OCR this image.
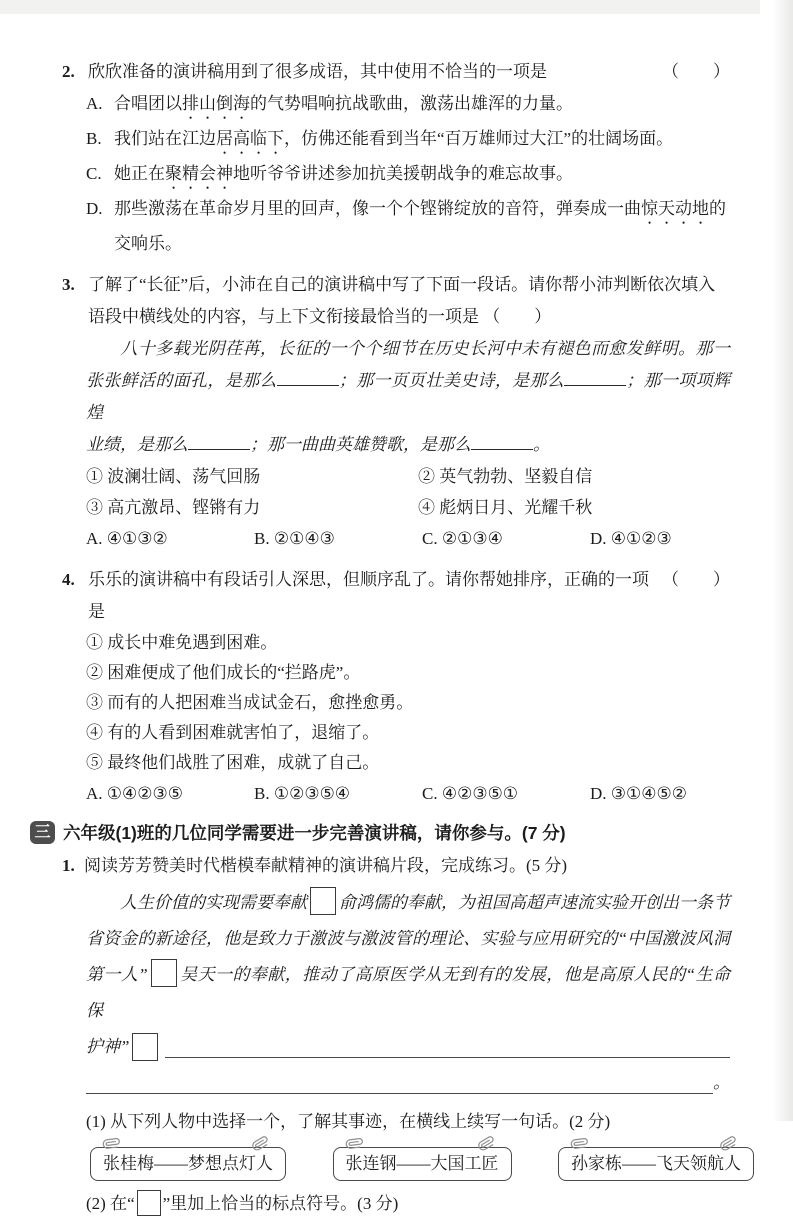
2. 欣欣准备的演讲稿用到了很多成语，其中使用不恰当的一项是	（　　）
A. 合唱团以排山倒海的气势唱响抗战歌曲，激荡出雄浑的力量。
B. 我们站在江边居高临下，仿佛还能看到当年“百万雄师过大江”的壮阔场面。
C. 她正在聚精会神地听爷爷讲述参加抗美援朝战争的难忘故事。
D. 那些激荡在革命岁月里的回声，像一个个铿锵绽放的音符，弹奏成一曲惊天动地的交响乐。
3. 了解了“长征”后，小沛在自己的演讲稿中写了下面一段话。请你帮小沛判断依次填入语段中横线处的内容，与上下文衔接最恰当的一项是 （　　）
八十多载光阴荏苒，长征的一个个细节在历史长河中未有褪色而愈发鲜明。那一
张张鲜活的面孔，是那么	；那一页页壮美史诗，是那么	；那一项项辉煌
业绩，是那么	；那一曲曲英雄赞歌，是那么	。
① 波澜壮阔、荡气回肠	② 英气勃勃、坚毅自信
③ 高亢激昂、铿锵有力	④ 彪炳日月、光耀千秋
A. ④①③②	B. ②①④③	C. ②①③④	D. ④①②③
4. 乐乐的演讲稿中有段话引人深思，但顺序乱了。请你帮她排序，正确的一项是
（　　）
① 成长中难免遇到困难。
② 困难便成了他们成长的“拦路虎”。
③ 而有的人把困难当成试金石，愈挫愈勇。
④ 有的人看到困难就害怕了，退缩了。
⑤ 最终他们战胜了困难，成就了自己。
A. ①④②③⑤	B. ①②③⑤④	C. ④②③⑤①	D. ③①④⑤②
三 六年级(1)班的几位同学需要进一步完善演讲稿，请你参与。(7 分)
1. 阅读芳芳赞美时代楷模奉献精神的演讲稿片段，完成练习。(5 分)
人生价值的实现需要奉献 俞鸿儒的奉献，为祖国高超声速流实验开创出一条节
省资金的新途径，他是致力于激波与激波管的理论、实验与应用研究的“中国激波风洞
第一人” 吴天一的奉献，推动了高原医学从无到有的发展，他是高原人民的“生命保
护神”
。
(1) 从下列人物中选择一个，了解其事迹，在横线上续写一句话。(2 分)
张桂梅——梦想点灯人	张连钢——大国工匠	孙家栋——飞天领航人
(2) 在“ ”里加上恰当的标点符号。(3 分)
